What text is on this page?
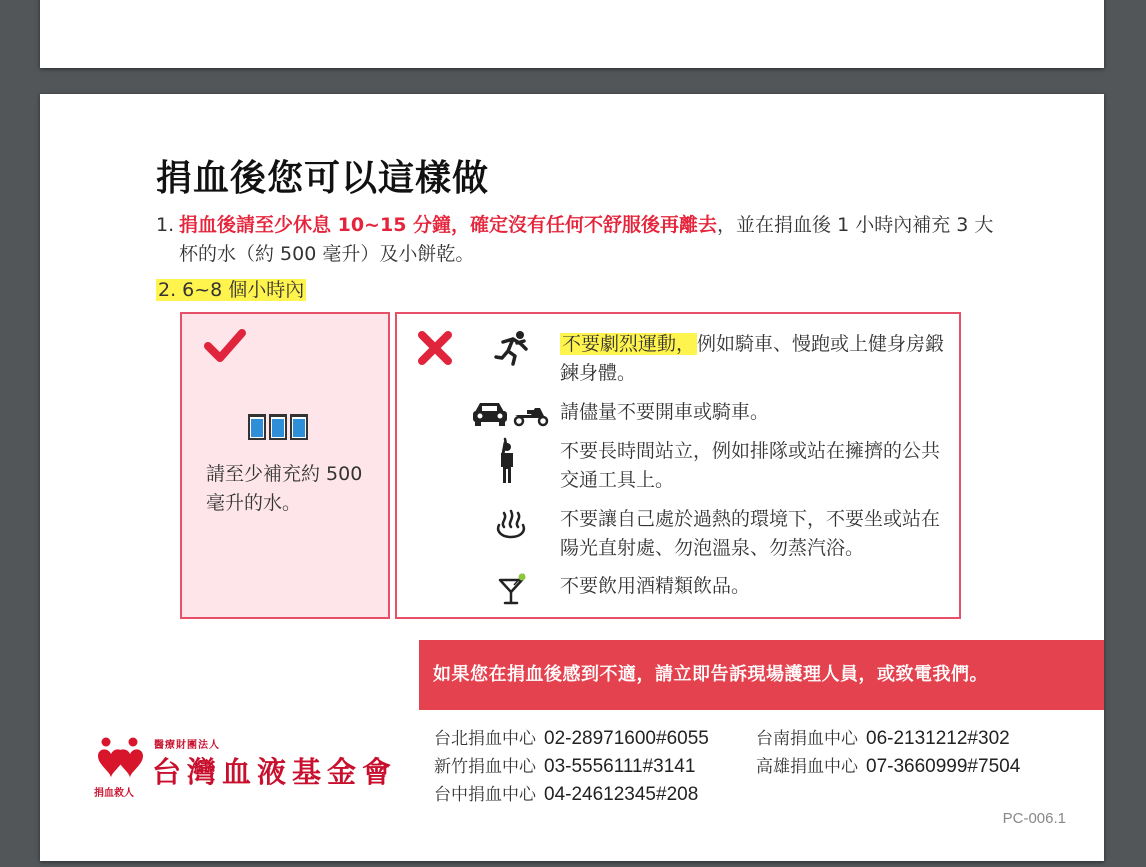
捐血後您可以這樣做
1. 捐血後請至少休息 10~15 分鐘，確定沒有任何不舒服後再離去，並在捐血後 1 小時內補充 3 大杯的水（約 500 毫升）及小餅乾。
2. 6~8 個小時內
請至少補充約 500 毫升的水。
不要劇烈運動， 例如騎車、慢跑或上健身房鍛鍊身體。
請儘量不要開車或騎車。
不要長時間站立，例如排隊或站在擁擠的公共交通工具上。
不要讓自己處於過熱的環境下，不要坐或站在陽光直射處、勿泡溫泉、勿蒸汽浴。
不要飲用酒精類飲品。
如果您在捐血後感到不適，請立即告訴現場護理人員，或致電我們。
醫療財團法人
台灣血液基金會
捐血救人
台北捐血中心 02-28971600#6055
新竹捐血中心 03-5556111#3141
台中捐血中心 04-24612345#208
台南捐血中心 06-2131212#302
高雄捐血中心 07-3660999#7504
PC-006.1
